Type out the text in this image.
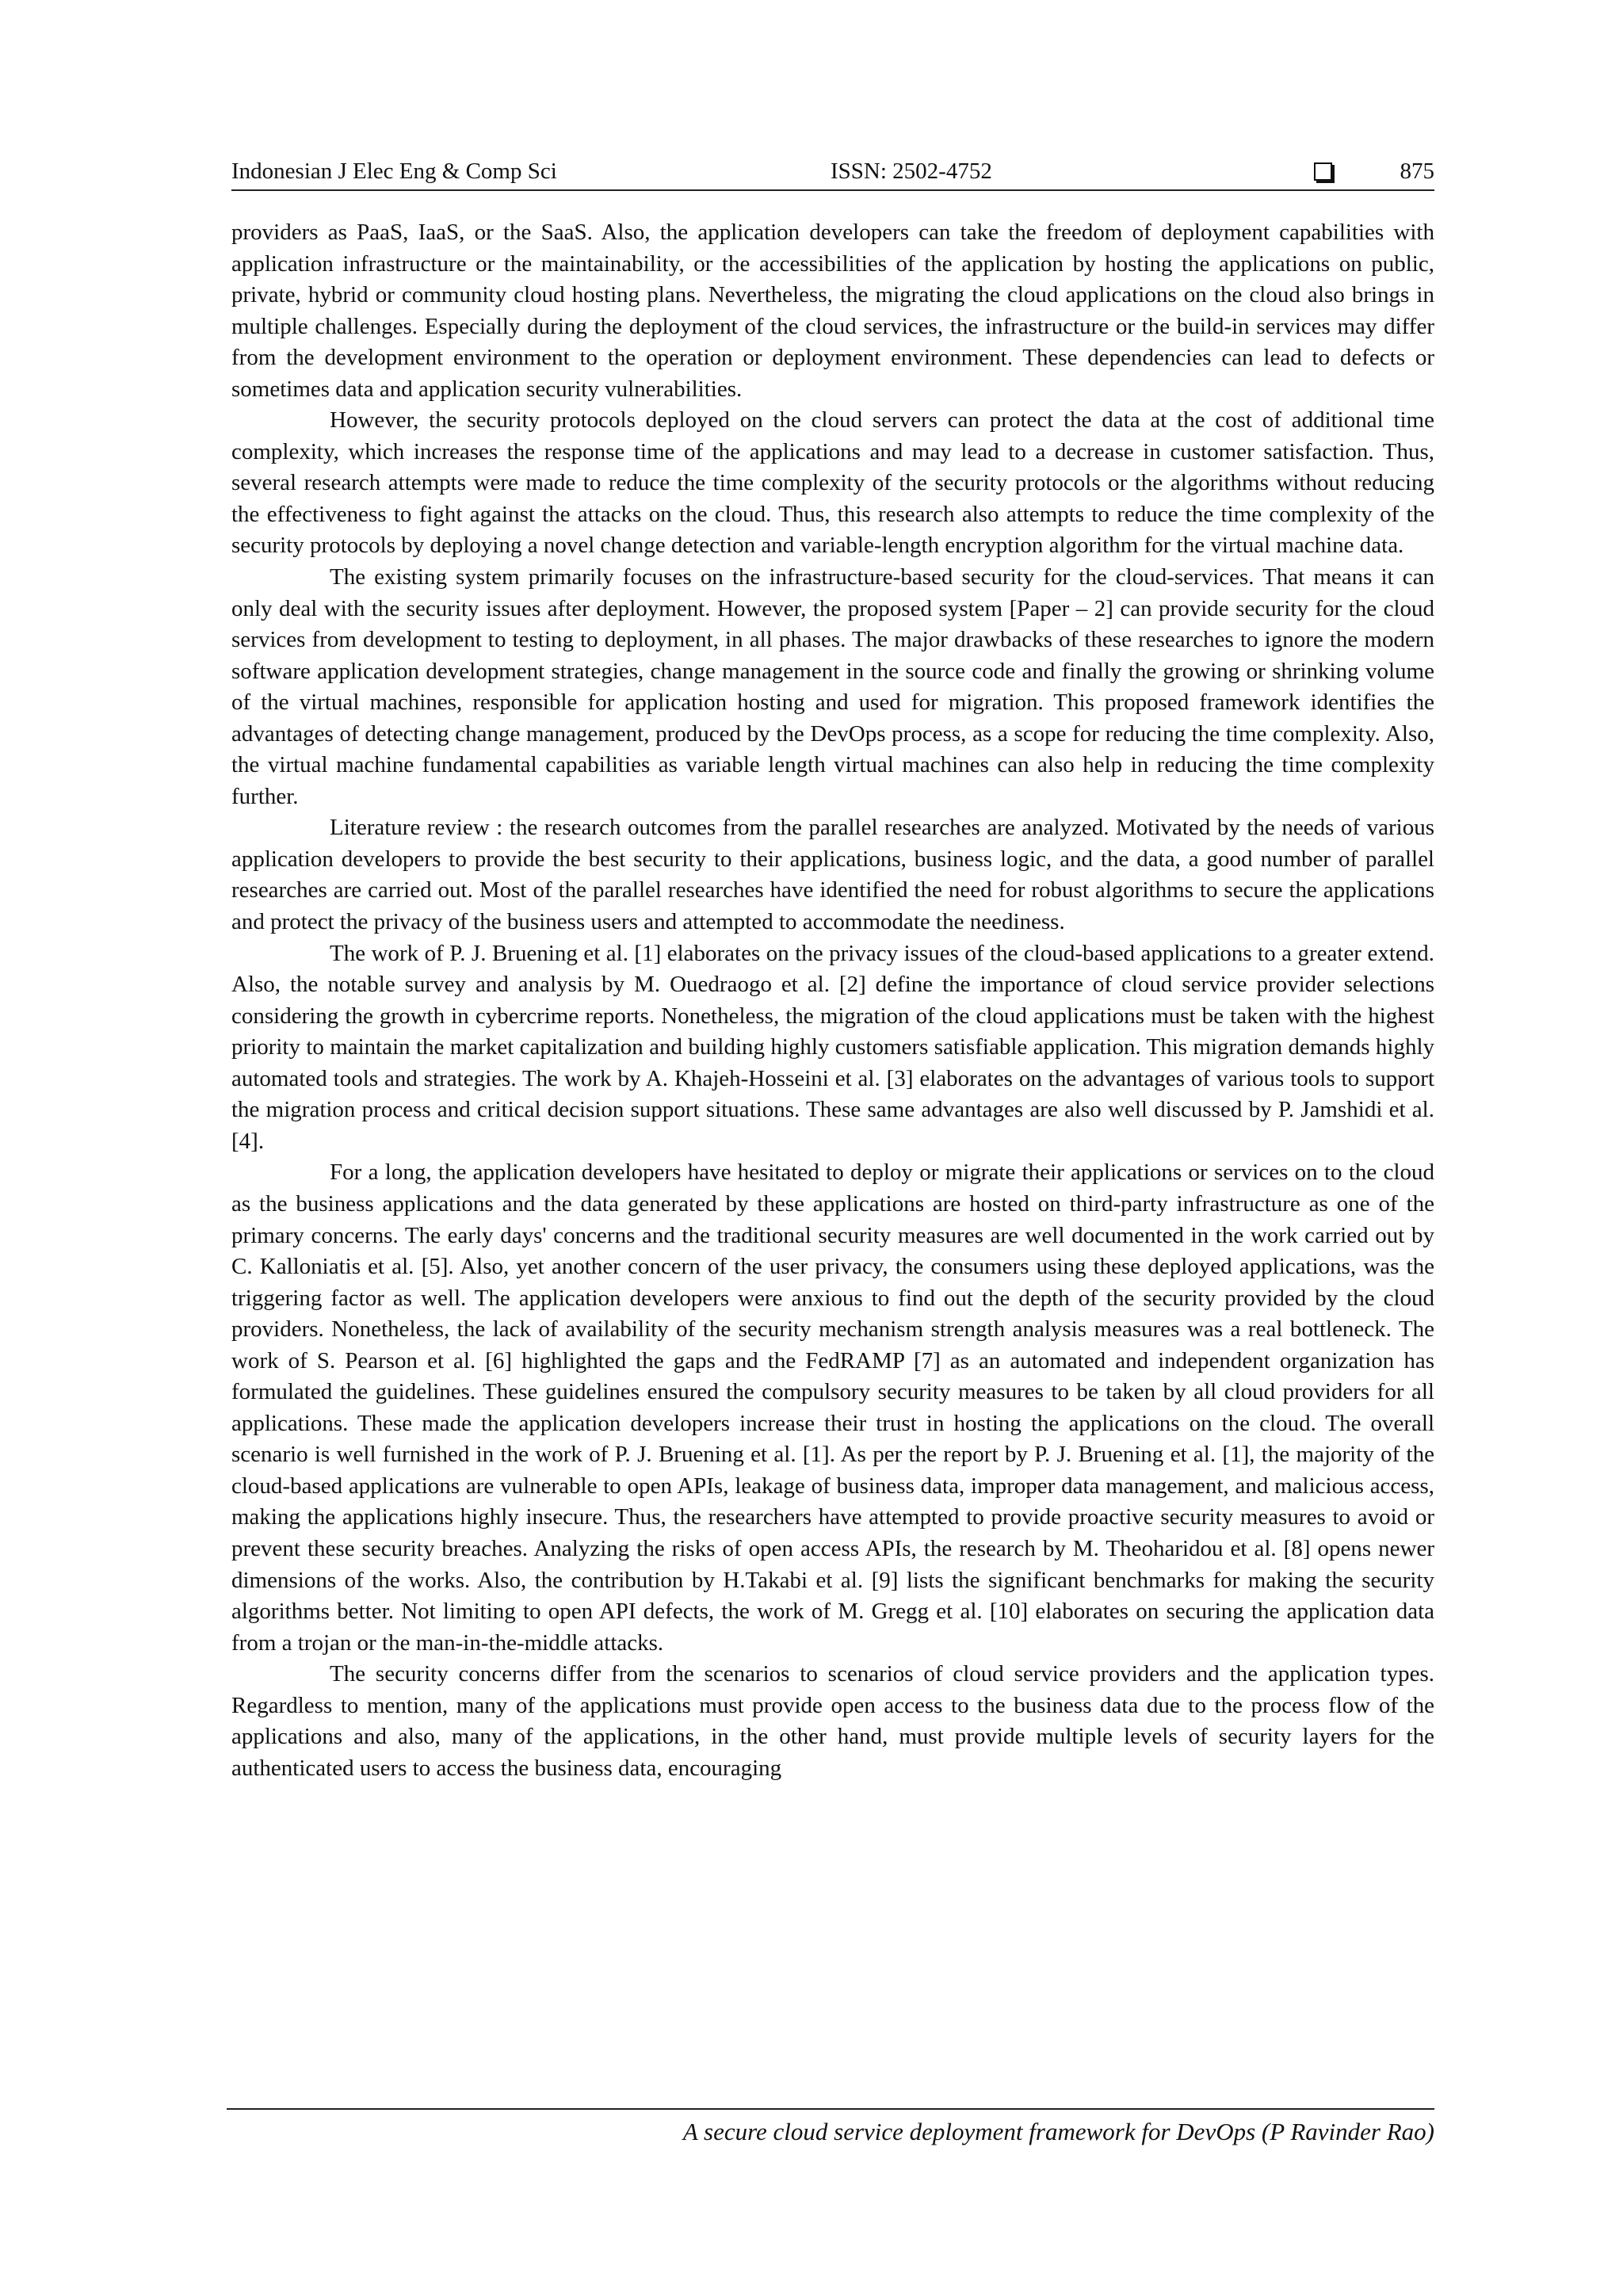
Indonesian J Elec Eng & Comp Sci	ISSN: 2502-4752	875

providers as PaaS, IaaS, or the SaaS. Also, the application developers can take the freedom of deployment capabilities with application infrastructure or the maintainability, or the accessibilities of the application by hosting the applications on public, private, hybrid or community cloud hosting plans. Nevertheless, the migrating the cloud applications on the cloud also brings in multiple challenges. Especially during the deployment of the cloud services, the infrastructure or the build-in services may differ from the development environment to the operation or deployment environment. These dependencies can lead to defects or sometimes data and application security vulnerabilities.

However, the security protocols deployed on the cloud servers can protect the data at the cost of additional time complexity, which increases the response time of the applications and may lead to a decrease in customer satisfaction. Thus, several research attempts were made to reduce the time complexity of the security protocols or the algorithms without reducing the effectiveness to fight against the attacks on the cloud. Thus, this research also attempts to reduce the time complexity of the security protocols by deploying a novel change detection and variable-length encryption algorithm for the virtual machine data.

The existing system primarily focuses on the infrastructure-based security for the cloud-services. That means it can only deal with the security issues after deployment. However, the proposed system [Paper – 2] can provide security for the cloud services from development to testing to deployment, in all phases. The major drawbacks of these researches to ignore the modern software application development strategies, change management in the source code and finally the growing or shrinking volume of the virtual machines, responsible for application hosting and used for migration. This proposed framework identifies the advantages of detecting change management, produced by the DevOps process, as a scope for reducing the time complexity. Also, the virtual machine fundamental capabilities as variable length virtual machines can also help in reducing the time complexity further.

Literature review : the research outcomes from the parallel researches are analyzed. Motivated by the needs of various application developers to provide the best security to their applications, business logic, and the data, a good number of parallel researches are carried out. Most of the parallel researches have identified the need for robust algorithms to secure the applications and protect the privacy of the business users and attempted to accommodate the neediness.

The work of P. J. Bruening et al. [1] elaborates on the privacy issues of the cloud-based applications to a greater extend. Also, the notable survey and analysis by M. Ouedraogo et al. [2] define the importance of cloud service provider selections considering the growth in cybercrime reports. Nonetheless, the migration of the cloud applications must be taken with the highest priority to maintain the market capitalization and building highly customers satisfiable application. This migration demands highly automated tools and strategies. The work by A. Khajeh-Hosseini et al. [3] elaborates on the advantages of various tools to support the migration process and critical decision support situations. These same advantages are also well discussed by P. Jamshidi et al. [4].

For a long, the application developers have hesitated to deploy or migrate their applications or services on to the cloud as the business applications and the data generated by these applications are hosted on third-party infrastructure as one of the primary concerns. The early days' concerns and the traditional security measures are well documented in the work carried out by C. Kalloniatis et al. [5]. Also, yet another concern of the user privacy, the consumers using these deployed applications, was the triggering factor as well. The application developers were anxious to find out the depth of the security provided by the cloud providers. Nonetheless, the lack of availability of the security mechanism strength analysis measures was a real bottleneck. The work of S. Pearson et al. [6] highlighted the gaps and the FedRAMP [7] as an automated and independent organization has formulated the guidelines. These guidelines ensured the compulsory security measures to be taken by all cloud providers for all applications. These made the application developers increase their trust in hosting the applications on the cloud. The overall scenario is well furnished in the work of P. J. Bruening et al. [1]. As per the report by P. J. Bruening et al. [1], the majority of the cloud-based applications are vulnerable to open APIs, leakage of business data, improper data management, and malicious access, making the applications highly insecure. Thus, the researchers have attempted to provide proactive security measures to avoid or prevent these security breaches. Analyzing the risks of open access APIs, the research by M. Theoharidou et al. [8] opens newer dimensions of the works. Also, the contribution by H.Takabi et al. [9] lists the significant benchmarks for making the security algorithms better. Not limiting to open API defects, the work of M. Gregg et al. [10] elaborates on securing the application data from a trojan or the man-in-the-middle attacks.

The security concerns differ from the scenarios to scenarios of cloud service providers and the application types. Regardless to mention, many of the applications must provide open access to the business data due to the process flow of the applications and also, many of the applications, in the other hand, must provide multiple levels of security layers for the authenticated users to access the business data, encouraging

A secure cloud service deployment framework for DevOps (P Ravinder Rao)
